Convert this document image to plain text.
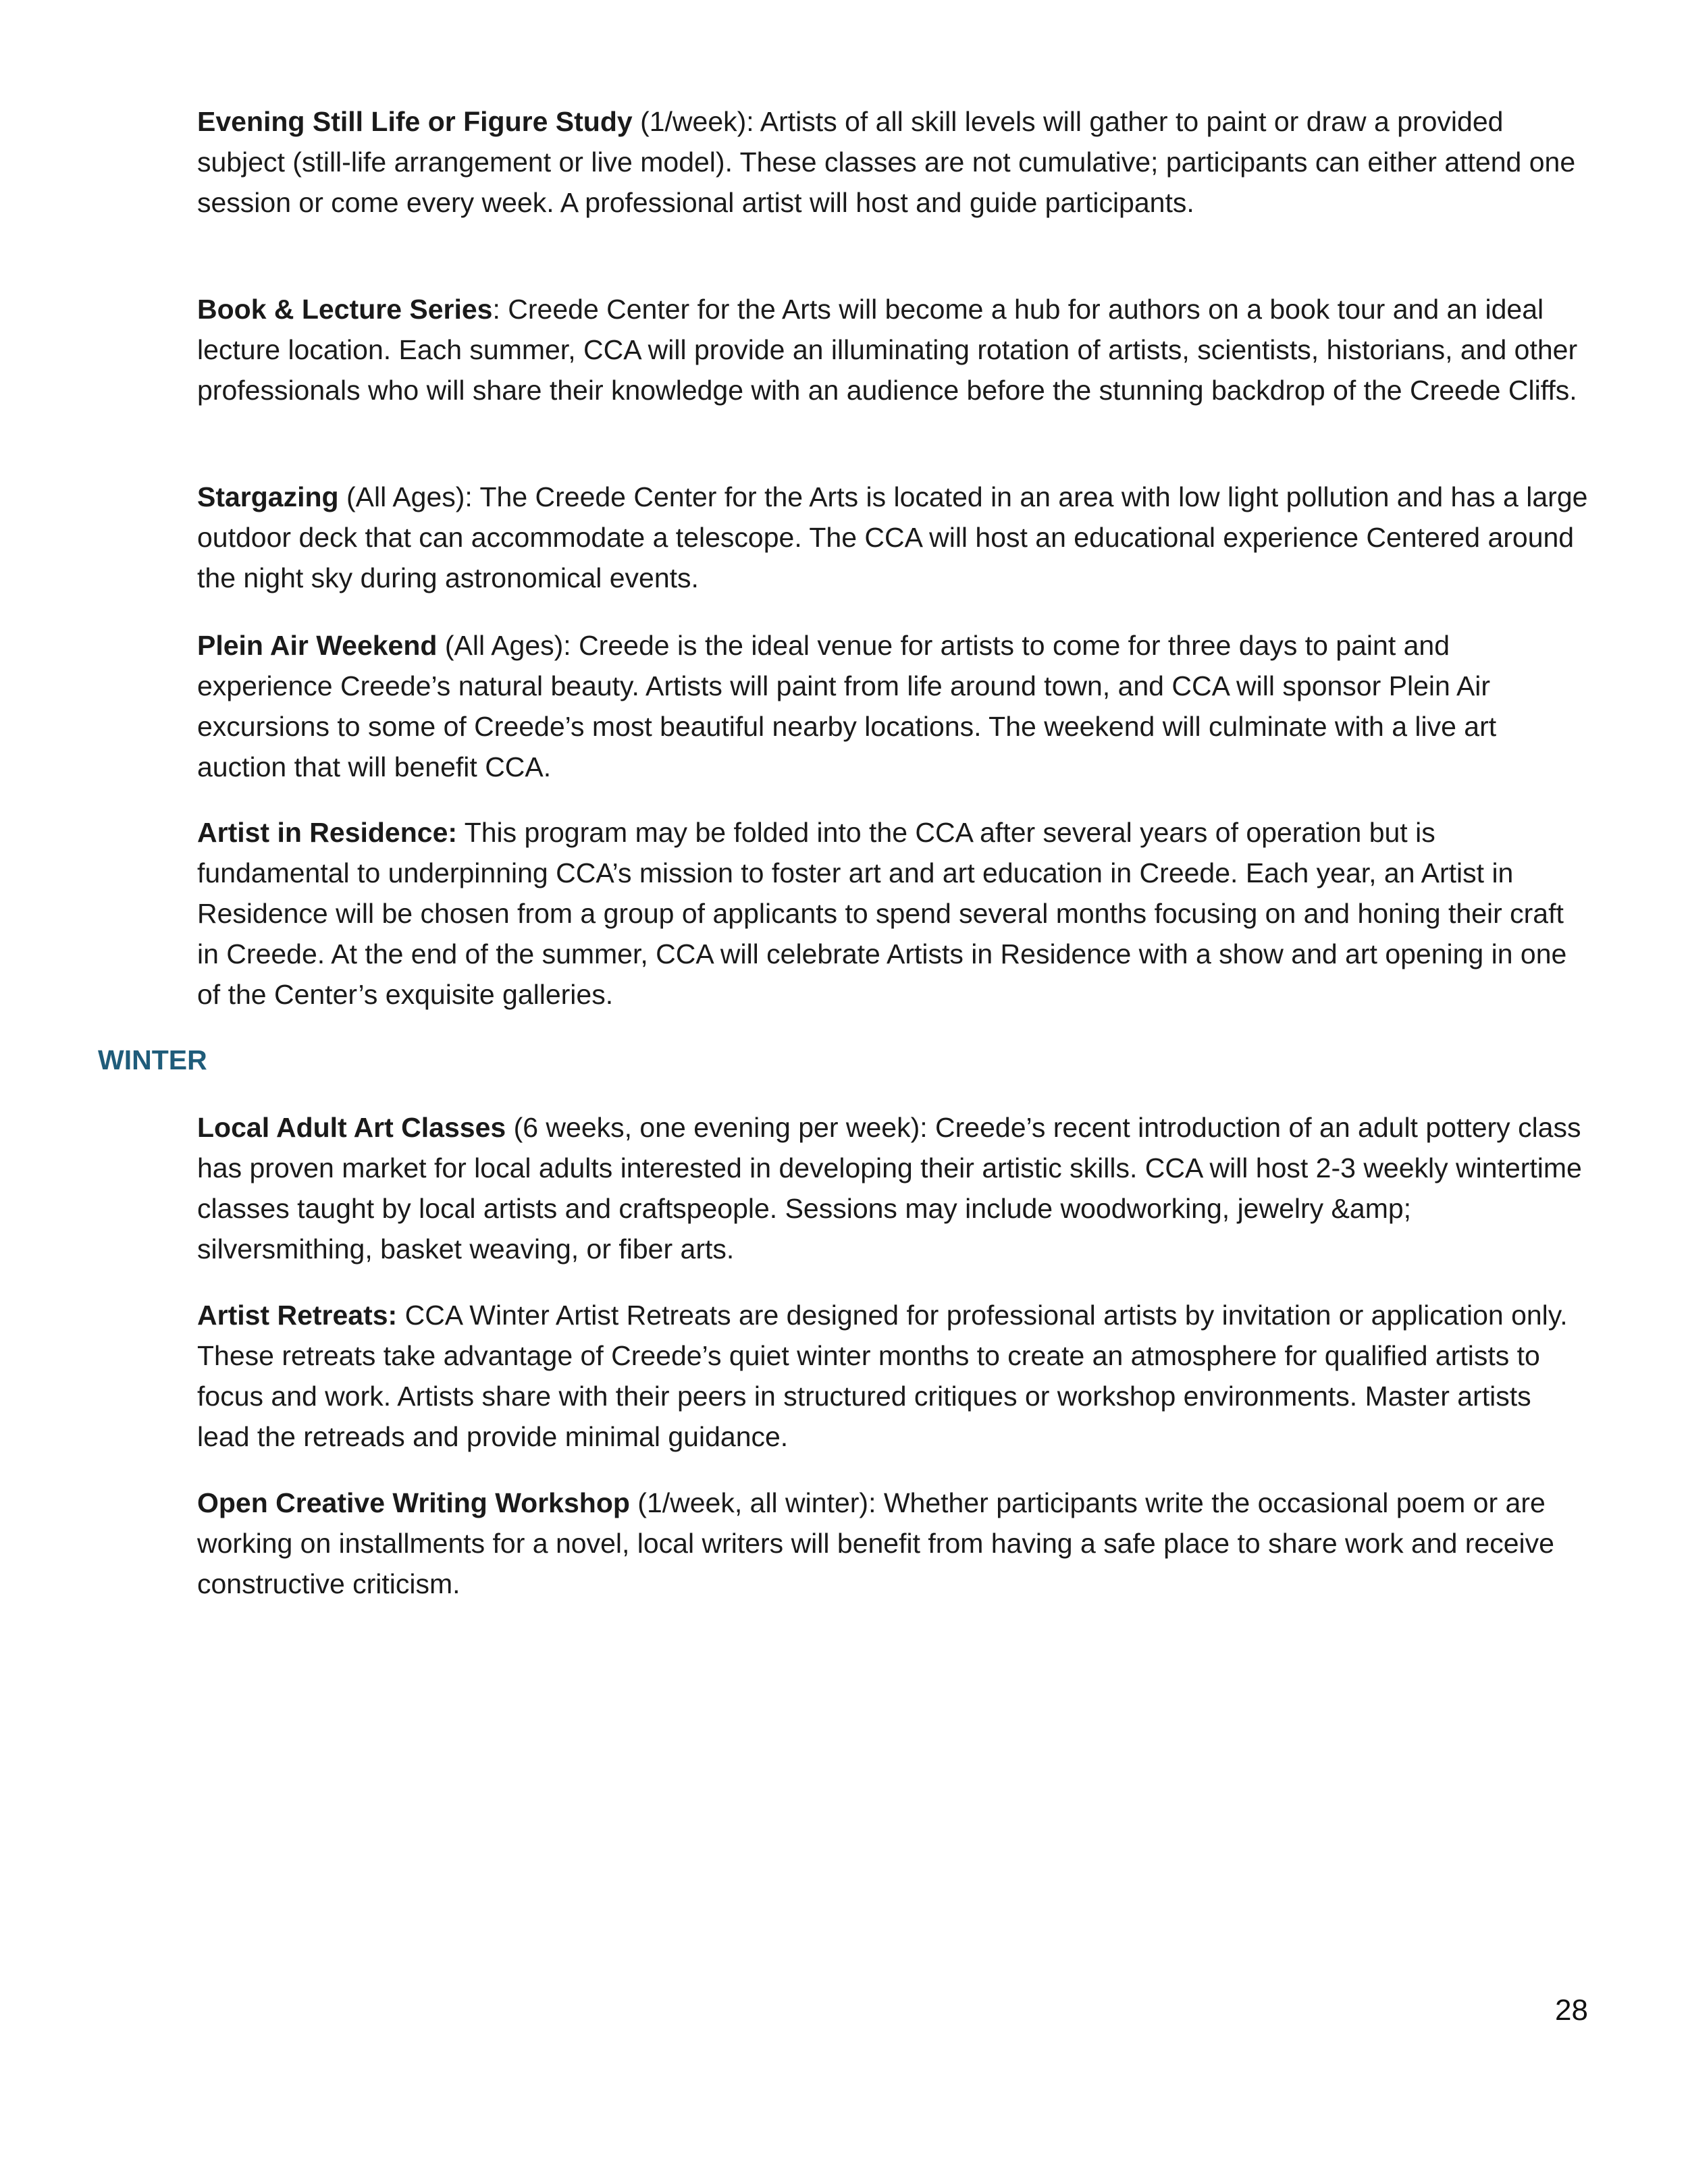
Evening Still Life or Figure Study (1/week): Artists of all skill levels will gather to paint or draw a provided subject (still-life arrangement or live model). These classes are not cumulative; participants can either attend one session or come every week. A professional artist will host and guide participants.

Book & Lecture Series: Creede Center for the Arts will become a hub for authors on a book tour and an ideal lecture location. Each summer, CCA will provide an illuminating rotation of artists, scientists, historians, and other professionals who will share their knowledge with an audience before the stunning backdrop of the Creede Cliffs.

Stargazing (All Ages): The Creede Center for the Arts is located in an area with low light pollution and has a large outdoor deck that can accommodate a telescope. The CCA will host an educational experience Centered around the night sky during astronomical events.

Plein Air Weekend (All Ages): Creede is the ideal venue for artists to come for three days to paint and experience Creede’s natural beauty. Artists will paint from life around town, and CCA will sponsor Plein Air excursions to some of Creede’s most beautiful nearby locations. The weekend will culminate with a live art auction that will benefit CCA.

Artist in Residence: This program may be folded into the CCA after several years of operation but is fundamental to underpinning CCA’s mission to foster art and art education in Creede. Each year, an Artist in Residence will be chosen from a group of applicants to spend several months focusing on and honing their craft in Creede. At the end of the summer, CCA will celebrate Artists in Residence with a show and art opening in one of the Center’s exquisite galleries.

WINTER

Local Adult Art Classes (6 weeks, one evening per week): Creede’s recent introduction of an adult pottery class has proven market for local adults interested in developing their artistic skills. CCA will host 2-3 weekly wintertime classes taught by local artists and craftspeople. Sessions may include woodworking, jewelry &amp; silversmithing, basket weaving, or fiber arts.

Artist Retreats: CCA Winter Artist Retreats are designed for professional artists by invitation or application only. These retreats take advantage of Creede’s quiet winter months to create an atmosphere for qualified artists to focus and work. Artists share with their peers in structured critiques or workshop environments. Master artists lead the retreads and provide minimal guidance.

Open Creative Writing Workshop (1/week, all winter): Whether participants write the occasional poem or are working on installments for a novel, local writers will benefit from having a safe place to share work and receive constructive criticism.

28
